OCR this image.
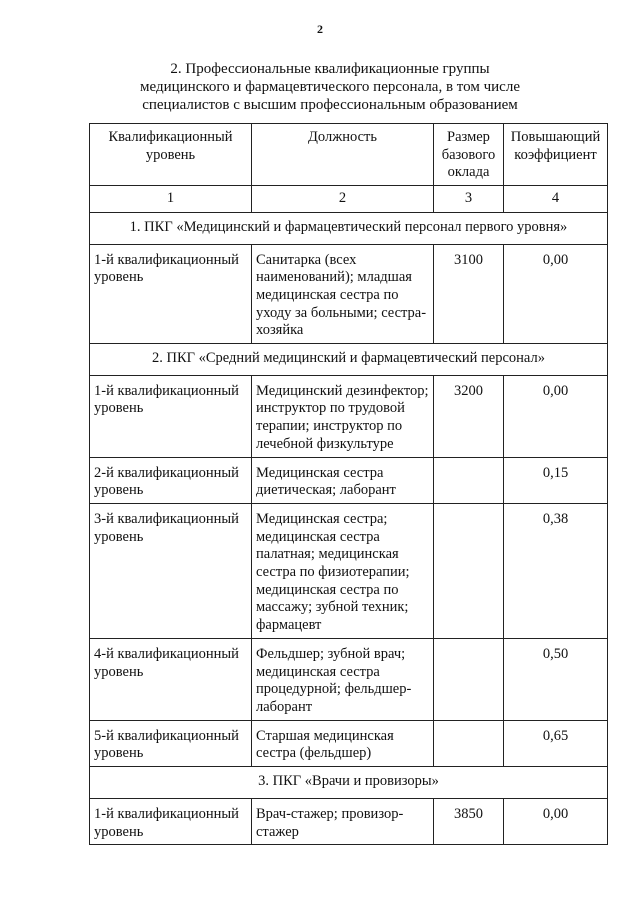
2
2. Профессиональные квалификационные группы
медицинского и фармацевтического персонала, в том числе
специалистов с высшим профессиональным образованием
Квалификационный уровень	Должность	Размер базового оклада	Повышающий коэффициент
1	2	3	4
1. ПКГ «Медицинский и фармацевтический персонал первого уровня»			
1-й квалификационный уровень	Санитарка (всех наименований); младшая медицинская сестра по уходу за больными; сестра-хозяйка	3100	0,00
2. ПКГ «Средний медицинский и фармацевтический персонал»			
1-й квалификационный уровень	Медицинский дезинфектор; инструктор по трудовой терапии; инструктор по лечебной физкультуре	3200	0,00
2-й квалификационный уровень	Медицинская сестра диетическая; лаборант		0,15
3-й квалификационный уровень	Медицинская сестра; медицинская сестра палатная; медицинская сестра по физиотерапии; медицинская сестра по массажу; зубной техник; фармацевт		0,38
4-й квалификационный уровень	Фельдшер; зубной врач; медицинская сестра процедурной; фельдшер-лаборант		0,50
5-й квалификационный уровень	Старшая медицинская сестра (фельдшер)		0,65
3. ПКГ «Врачи и провизоры»			
1-й квалификационный уровень	Врач-стажер; провизор-стажер	3850	0,00
